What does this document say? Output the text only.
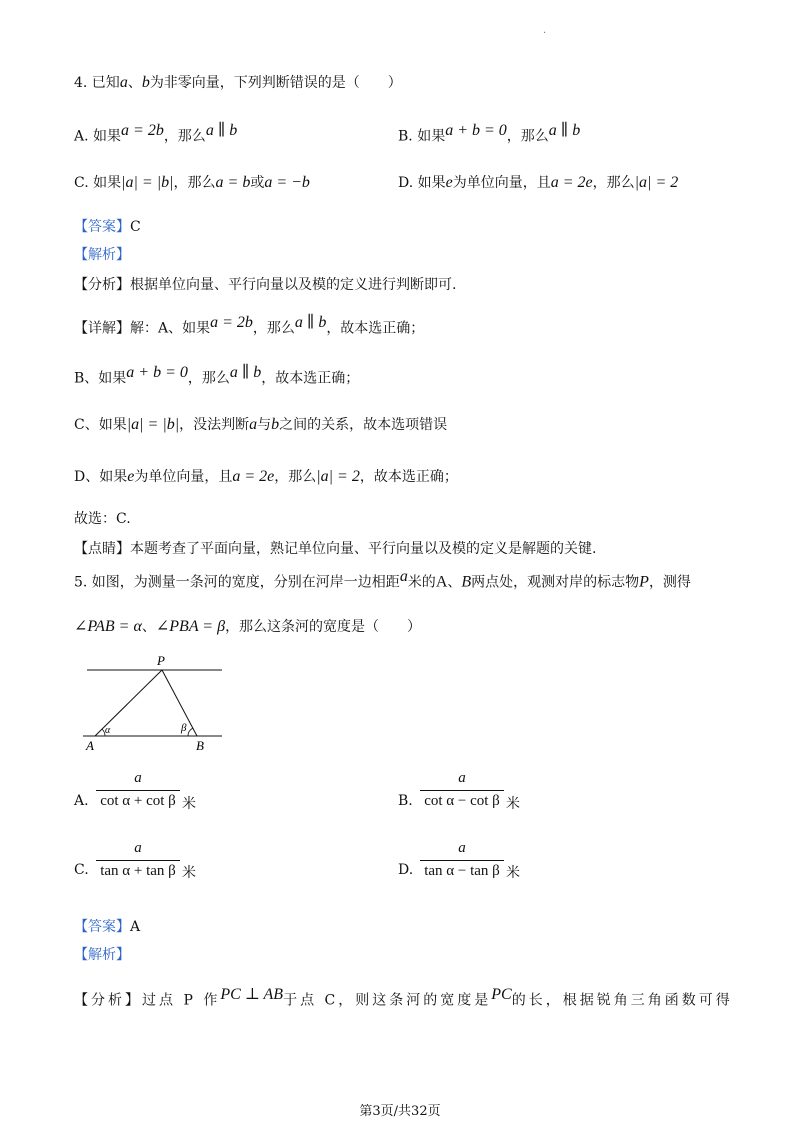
·
4. 已知a、b为非零向量，下列判断错误的是（　　）
A. 如果$^{a = 2b}$，那么$^{a \parallel b}$	B. 如果$^{a + b = 0}$，那么$^{a \parallel b}$
C. 如果|a| = |b|，那么a = b或a = −b	D. 如果e为单位向量，且a = 2e，那么|a| = 2
【答案】C
【解析】
【分析】根据单位向量、平行向量以及模的定义进行判断即可.
【详解】解：A、如果$^{a = 2b}$，那么$^{a \parallel b}$，故本选正确；
B、如果$^{a + b = 0}$，那么$^{a \parallel b}$，故本选正确；
C、如果|a| = |b|，没法判断a与b之间的关系，故本选项错误
D、如果e为单位向量，且a = 2e，那么|a| = 2，故本选正确；
故选：C.
【点睛】本题考查了平面向量，熟记单位向量、平行向量以及模的定义是解题的关键.
5. 如图，为测量一条河的宽度，分别在河岸一边相距$^a$米的A、B两点处，观测对岸的标志物P，测得
∠PAB = α、∠PBA = β，那么这条河的宽度是（　　）
P
A	B
α	β
A.
a
cot α + cot β 米	B.
a
cot α − cot β 米
C.
a
tan α + tan β 米	D.
a
tan α − tan β 米
【答案】A
【解析】
【分析】过点 P 作$^{PC \perp AB}$于点 C，则这条河的宽度是$^{PC}$的长，根据锐角三角函数可得
第3页/共32页
